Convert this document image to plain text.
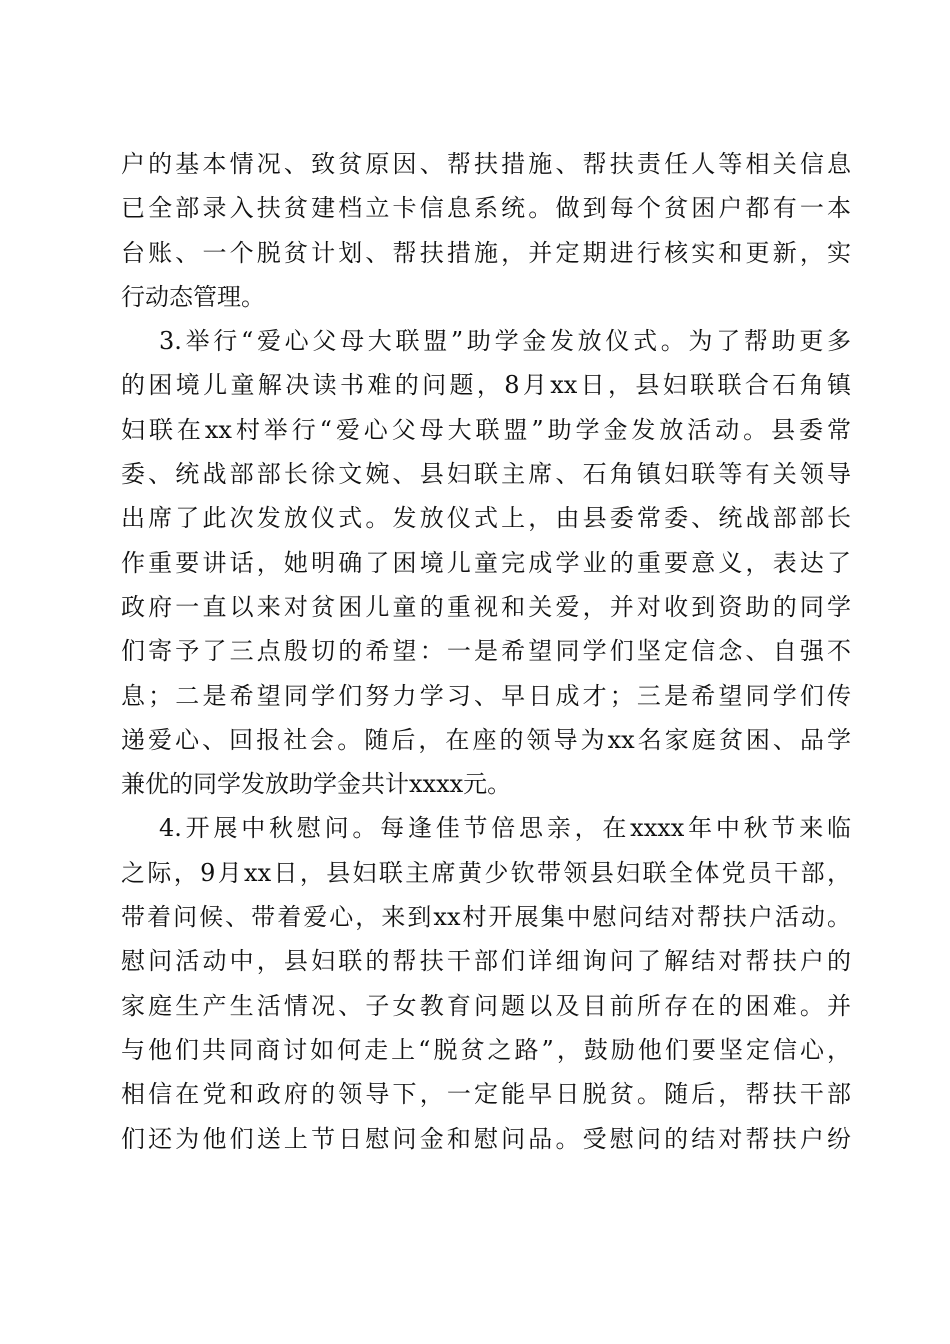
户的基本情况、致贫原因、帮扶措施、帮扶责任人等相关信息
已全部录入扶贫建档立卡信息系统。做到每个贫困户都有一本
台账、一个脱贫计划、帮扶措施，并定期进行核实和更新，实
行动态管理。
3.举行“爱心父母大联盟”助学金发放仪式。为了帮助更多
的困境儿童解决读书难的问题，8月xx日，县妇联联合石角镇
妇联在xx村举行“爱心父母大联盟”助学金发放活动。县委常
委、统战部部长徐文婉、县妇联主席、石角镇妇联等有关领导
出席了此次发放仪式。发放仪式上，由县委常委、统战部部长
作重要讲话，她明确了困境儿童完成学业的重要意义，表达了
政府一直以来对贫困儿童的重视和关爱，并对收到资助的同学
们寄予了三点殷切的希望：一是希望同学们坚定信念、自强不
息；二是希望同学们努力学习、早日成才；三是希望同学们传
递爱心、回报社会。随后，在座的领导为xx名家庭贫困、品学
兼优的同学发放助学金共计xxxx元。
4.开展中秋慰问。每逢佳节倍思亲，在xxxx年中秋节来临
之际，9月xx日，县妇联主席黄少钦带领县妇联全体党员干部，
带着问候、带着爱心，来到xx村开展集中慰问结对帮扶户活动。
慰问活动中，县妇联的帮扶干部们详细询问了解结对帮扶户的
家庭生产生活情况、子女教育问题以及目前所存在的困难。并
与他们共同商讨如何走上“脱贫之路”，鼓励他们要坚定信心，
相信在党和政府的领导下，一定能早日脱贫。随后，帮扶干部
们还为他们送上节日慰问金和慰问品。受慰问的结对帮扶户纷
